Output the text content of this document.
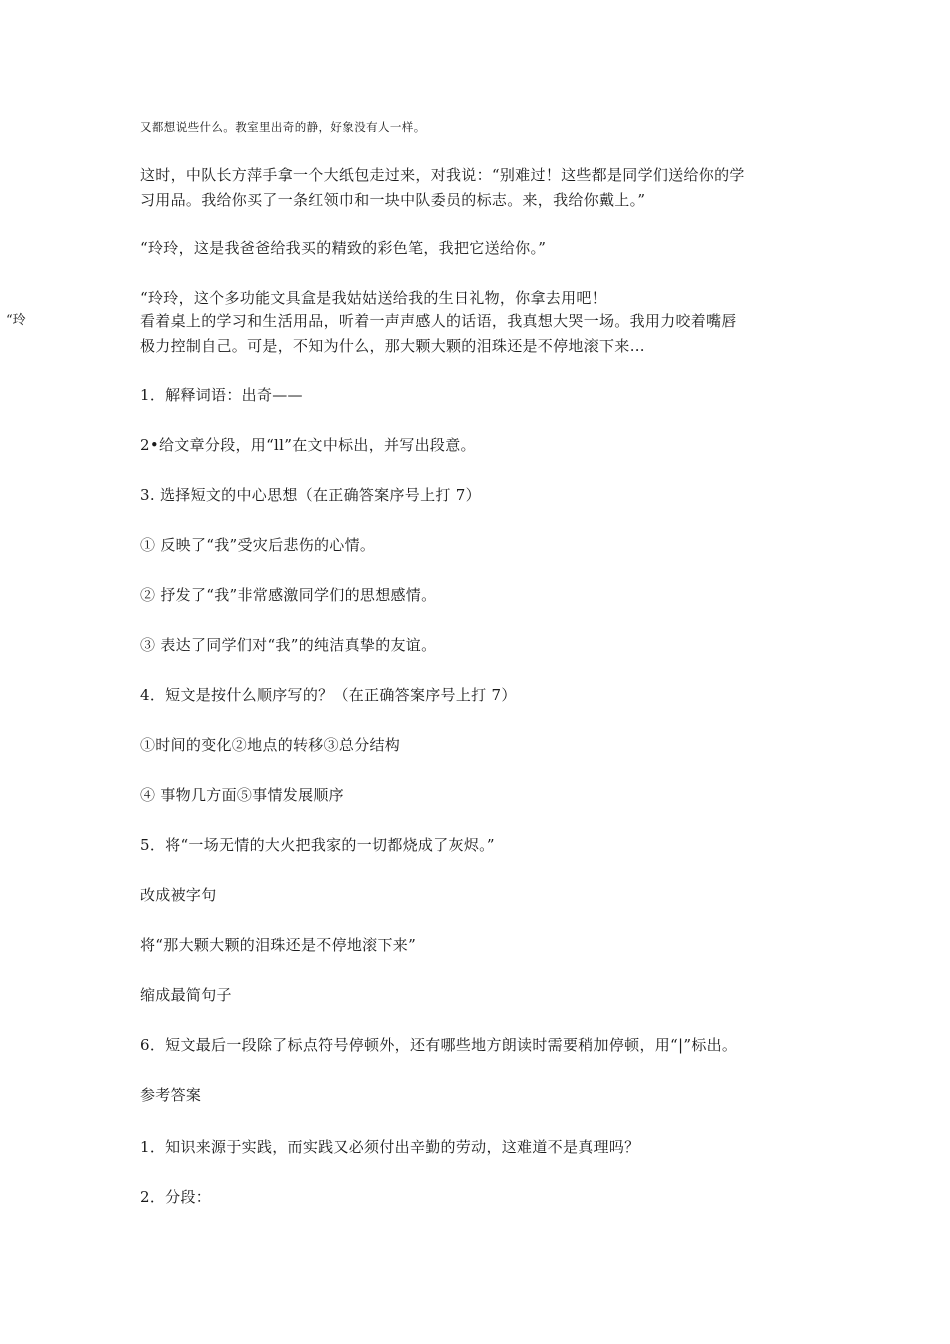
又都想说些什么。教室里出奇的静，好象没有人一样。
这时，中队长方萍手拿一个大纸包走过来，对我说：“别难过！这些都是同学们送给你的学
习用品。我给你买了一条红领巾和一块中队委员的标志。来，我给你戴上。”
“玲玲，这是我爸爸给我买的精致的彩色笔，我把它送给你。”
“玲玲，这个多功能文具盒是我姑姑送给我的生日礼物，你拿去用吧！
“玲	看着桌上的学习和生活用品，听着一声声感人的话语，我真想大哭一场。我用力咬着嘴唇
极力控制自己。可是，不知为什么，那大颗大颗的泪珠还是不停地滚下来…
1．解释词语：出奇——
2•给文章分段，用“ll”在文中标出，并写出段意。
3. 选择短文的中心思想（在正确答案序号上打 7）
① 反映了“我”受灾后悲伤的心情。
② 抒发了“我”非常感激同学们的思想感情。
③ 表达了同学们对“我”的纯洁真挚的友谊。
4．短文是按什么顺序写的？（在正确答案序号上打 7）
①时间的变化②地点的转移③总分结构
④ 事物几方面⑤事情发展顺序
5．将“一场无情的大火把我家的一切都烧成了灰烬。”
改成被字句
将“那大颗大颗的泪珠还是不停地滚下来”
缩成最简句子
6．短文最后一段除了标点符号停顿外，还有哪些地方朗读时需要稍加停顿，用“|”标出。
参考答案
1．知识来源于实践，而实践又必须付出辛勤的劳动，这难道不是真理吗？
2．分段：
